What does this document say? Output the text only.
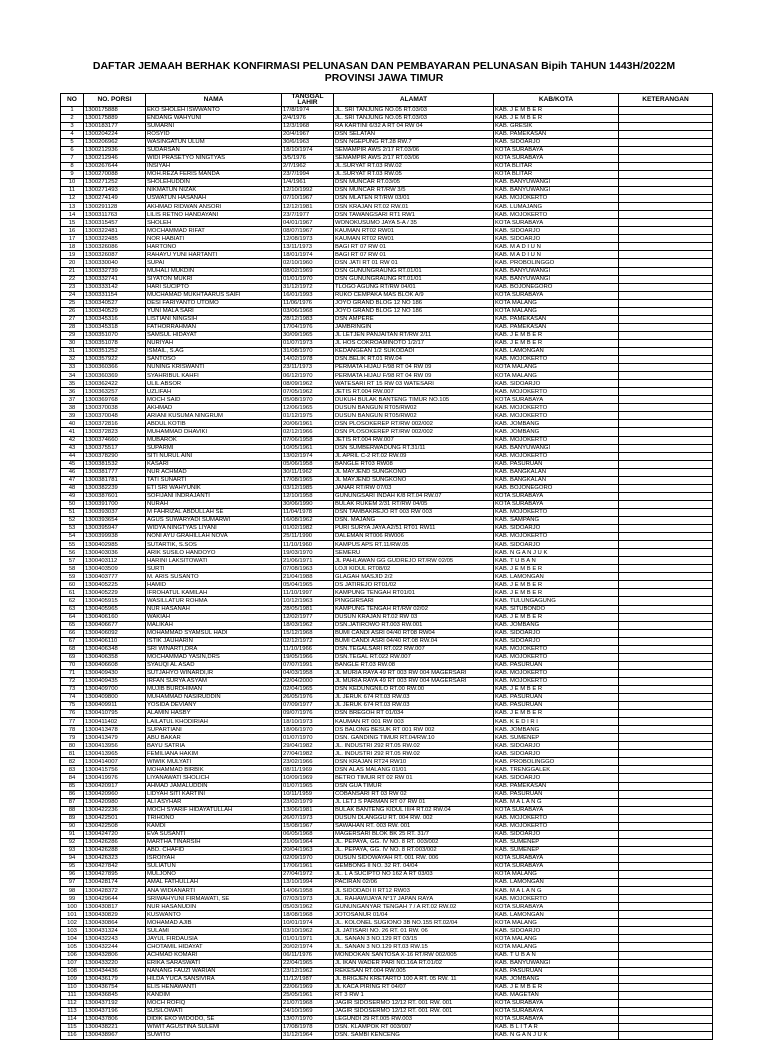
DAFTAR JEMAAH BERHAK KONFIRMASI PELUNASAN DAN PEMBAYARAN PELUNASAN Bipih TAHUN 1443H/2022M
PROVINSI JAWA TIMUR
NO	NO. PORSI	NAMA	TANGGAL LAHIR	ALAMAT	KAB/KOTA	KETERANGAN
1	1300175888	EKO SHOLEH ISWWANTO	17/8/1974	JL. SRI TANJUNG NO.05 RT.03/03	KAB. J E M B E R	
2	1300175889	ENDANG WAHYUNI	2/4/1976	JL. SRI TANJUNG NO.05 RT.03/03	KAB. J E M B E R	
3	1300183177	SUMARNI	12/3/1968	RA KARTINI 6/32 A RT 04 RW 04	KAB. GRESIK	
4	1300204224	ROSYID	20/4/1967	DSN SELATAN	KAB. PAMEKASAN	
5	1300206962	WASINGATUN ULUM	30/6/1963	DSN NGEPUNG RT.28 RW.7	KAB. SIDOARJO	
6	1300212936	SUDARSAN	18/10/1974	SEMAMPIR AWS 2/17 RT.03/06	KOTA SURABAYA	
7	1300212946	WIDI PRASETYO NINGTYAS	3/5/1976	SEMAMPIR AWS 2/17 RT.03/06	KOTA SURABAYA	
8	1300267644	INSIYAH	2/7/1962	JL.SURYAT RT.03 RW.02	KOTA BLITAR	
9	1300270088	MOH.REZA FERIS MANDA	23/7/1994	JL.SURYAT RT.03 RW.05	KOTA BLITAR	
10	1300271252	SHOLEHUDDIN	1/4/1961	DSN MUNCAR RT.03/05	KAB. BANYUWANGI	
11	1300271493	NIKMATUN NIZAK	12/10/1992	DSN MUNCAR RT/RW 3/5	KAB. BANYUWANGI	
12	1300274149	USWATUN HASANAH	07/10/1967	DSN MLATEN RT/RW 03/01	KAB. MOJOKERTO	
13	1300291128	AKHMAD RIDWAN ANSORI	12/12/1981	DSN KRAJAN RT.02 RW.01	KAB. LUMAJANG	
14	1300311763	LILIS RETNO HANDAYANI	23/7/1977	DSN TAWANGSARI RT1 RW1	KAB. MOJOKERTO	
15	1300315457	SHOLEH	04/01/1967	WONOKUSUMO JAYA 5-A / 35	KOTA SURABAYA	
16	1300322481	MOCHAMMAD RIFAT	08/07/1967	KAUMAN RT02 RW01	KAB. SIDOARJO	
17	1300322485	NOR HABIATI	12/08/1973	KAUMAN RT02 RW01	KAB. SIDOARJO	
18	1300326086	HARTONO	13/11/1973	BAGI RT 07 RW 01	KAB. M A D I U N	
19	1300326087	RAHAYU YUNI HARTANTI	18/01/1974	BAGI RT 07 RW 01	KAB. M A D I U N	
20	1300330040	SUPAI	02/10/1960	DSN JATI RT 01 RW 01	KAB. PROBOLINGGO	
21	1300332739	MUHALI MUKDIN	08/02/1969	DSN GUNUNGRAUNG RT.01/01	KAB. BANYUWANGI	
22	1300332741	SIYATON MUKRI	01/01/1970	DSN GUNUNGRAUNG RT.01/01	KAB. BANYUWANGI	
23	1300333142	HARI SUCIPTO	31/12/1972	TLOGO AGUNG RT/RW 04/01	KAB. BOJONEGORO	
24	1300331154	MUCHAMAD MUKHTAARUS SAIFI	16/01/1993	RUKO CEMPAKA MAS BLOK A/9	KOTA SURABAYA	
25	1300340527	DESI FARIYANTO UTOMO	11/06/1976	JOYO GRAND BLOG 12 NO 186	KOTA MALANG	
26	1300340529	YUNI MALA SARI	03/06/1968	JOYO GRAND BLOG 12 NO 186	KOTA MALANG	
27	1300345316	LISTIANI NINGSIH	28/12/1983	DSN AMPERE	KAB. PAMEKASAN	
28	1300345318	FATHORRAHMAN	17/04/1976	JAMBRINGIN	KAB. PAMEKASAN	
29	1300351070	SAMSUL HIDAYAT	30/09/1965	JL LETJEN PANJAITAN RT/RW 2/11	KAB. J E M B E R	
30	1300351078	NURIYAH	01/07/1973	JL HOS COKROAMINOTO 1/2/17	KAB. J E M B E R	
31	1300351252	ISMAIL, S.AG	31/08/1970	KEDANGEAN 1/2 SUKODADI	KAB. LAMONGAN	
32	1300357922	SANTOSO	14/02/1978	DSN.BELIK RT.01 RW.04	KAB. MOJOKERTO	
33	1300360366	NUNING KRISWANTI	23/11/1973	PERMATA HIJAU F/98 RT 04 RW 09	KOTA MALANG	
34	1300360369	SYAHRIBUL KAHFI	06/12/1970	PERMATA HIJAU F/98 RT 04 RW 09	KOTA MALANG	
35	1300362422	ULIL ABSOR	08/09/1962	WATESARI RT 15 RW 03 WATESARI	KAB. SIDOARJO	
36	1300363257	UZLIFAH	07/05/1962	JETIS RT.004 RW.007	KAB. MOJOKERTO	
37	1300369768	MOCH SAID	05/08/1970	DUKUH BULAK BANTENG TIMUR NO.105	KOTA SURABAYA	
38	1300370038	AKHMAD	12/06/1965	DUSUN BANGUN RT05/RW02	KAB. MOJOKERTO	
39	1300370048	ARIANI KUSUMA NINGRUM	01/12/1975	DUSUN BANGUN RT05/RW02	KAB. MOJOKERTO	
40	1300372816	ABDUL KOTIB	20/06/1961	DSN PLOSOKEREP RT/RW 002/002	KAB. JOMBANG	
41	1300372823	MUHAMMAD DHAVIKI	02/12/1966	DSN PLOSOKEREP RT/RW 002/002	KAB. JOMBANG	
42	1300374660	MUBAROK	07/06/1958	JETIS RT.004 RW.007	KAB. MOJOKERTO	
43	1300375517	SUPARMI	10/05/1961	DSN SUMBERWADUNG RT.31/11	KAB. BANYUWANGI	
44	1300378290	SITI NURUL AINI	13/02/1974	JL APRIL C-2 RT.02 RW.09	KAB. MOJOKERTO	
45	1300381532	KASARI	05/06/1958	BANGLE RT03 RW08	KAB. PASURUAN	
46	1300381777	NUR ACHMAD	30/11/1962	JL MAYJEND SUNGKONO	KAB. BANGKALAN	
47	1300381781	TATI SUNARTI	17/08/1965	JL MAYJEND SUNGKONO	KAB. BANGKALAN	
48	1300382239	ETI SRI WAHYUNIK	03/12/1985	JANAR RT/RW 07/03	KAB. BOJONEGORO	
49	1300387601	SOFIJANI INDRAJANTI	12/10/1958	GUNUNGSARI INDAH K/8 RT.04 RW.07	KOTA SURABAYA	
50	1300391700	NURAH	30/06/1990	BULAK RUKEM 2/31 RT/RW 04/05	KOTA SURABAYA	
51	1300393037	M FAHRIZAL ABDULLAH SE	11/04/1978	DSN TAMBAKREJO RT 003 RW 003	KAB. MOJOKERTO	
52	1300393654	AGUS SUWARYADI SUMARWI	16/08/1962	DSN. MAJANG	KAB. SAMPANG	
53	1300395947	WIDYA NINGTYAS LIYANI	01/02/1982	PURI SURYA JAYA A2/51 RT01 RW11	KAB. SIDOARJO	
54	1300399938	NONI AYU GRAHILLAH NOVA	25/11/1990	DALEMAN RT006 RW006	KAB. MOJOKERTO	
55	1300402985	SUTARTIK, S.SOS	11/10/1960	KAMPUS APS RT.11/RW.05	KAB. SIDOARJO	
56	1300403036	ARIK SUSILO HANDOYO	19/03/1970	SEMERU	KAB. N G A N J U K	
57	1300403112	HARINI LAKSITOWATI	21/06/1971	JL PAHLAWAN GG GUDREJO RT/RW 02/05	KAB. T U B A N	
58	1300403509	SURTI	07/08/1963	LOJI KIDUL RT08/02	KAB. J E M B E R	
59	1300403777	M. ARIS SUSANTO	21/04/1988	GLAGAH MASJID 2/2	KAB. LAMONGAN	
60	1300405225	HAMID	05/04/1965	DS JATIREJO RT01/02	KAB. J E M B E R	
61	1300405229	IFROHATUL KAMILAH	11/10/1997	KAMPUNG TENGAH RT01/01	KAB. J E M B E R	
62	1300405915	WASILLATUR ROHMA	10/12/1963	PINGGIRSARI	KAB. TULUNGAGUNG	
63	1300405965	NUR HASANAH	28/05/1981	KAMPUNG TENGAH RT/RW 02/02	KAB. SITUBONDO	
64	1300406160	WAKIAH	12/02/1977	DUSUN KRAJAN RT.02 RW 03	KAB. J E M B E R	
65	1300406677	MALIKAH	18/03/1962	DSN.JATIROWO RT.003 RW.001	KAB. JOMBANG	
66	1300406092	MOHAMMAD SYAMSUL HADI	15/12/1968	BUMI CANDI ASRI 04/40 RT08 RW04	KAB. SIDOARJO	
67	1300406110	ISTIK JAUHARIN	02/12/1972	BUMI CANDI ASRI 04/40 RT.08 RW.04	KAB. SIDOARJO	
68	1300406348	SRI WINARTI,DRA	11/10/1966	DSN.TEGALSARI RT.022 RW.007	KAB. MOJOKERTO	
69	1300406358	MOCHAMMAD YASIN,DRS	19/05/1966	DSN.TEGAL RT.022 RW.007	KAB. MOJOKERTO	
70	1300406608	SYAUQI AL ASAD	07/07/1991	BANGLE RT.03 RW.08	KAB. PASURUAN	
71	1300409430	SUTJAHYO WINARDI,IR	04/03/1958	JL MURIA RAYA 49 RT 003 RW 004 MAGERSARI	KAB. MOJOKERTO	
72	1300409435	IRFAN SURYA ASYAM	22/04/2000	JL MURIA RAYA 49 RT 003 RW 004 MAGERSARI	KAB. MOJOKERTO	
73	1300409700	MUJIB BURDHIMAN	02/04/1965	DSN KEDUNGNILO RT.00 RW.00	KAB. J E M B E R	
74	1300409800	MUHAMMAD NASIRUDDIN	26/05/1976	JL JERUK 674 RT.03 RW.03	KAB. PASURUAN	
75	1300409911	YOSIDA DEVIANY	07/09/1977	JL JERUK 674 RT.03 RW.03	KAB. PASURUAN	
76	1300410795	ALAMIN HASBY	09/07/1976	DSN BREGOH RT 01/034	KAB. J E M B E R	
77	1300411402	LAILATUL KHODIRIAH	18/10/1973	KAUMAN RT 001 RW 003	KAB. K E D I R I	
78	1300413478	SUPARTIANI	18/06/1970	DS BALONG BESUK RT 001 RW 002	KAB. JOMBANG	
79	1300413479	ABU BAKAR	01/07/1970	DSN. GANDING TIMUR RT.04/RW.10	KAB. SUMENEP	
80	1300413956	BAYU SATRIA	29/04/1982	JL. INDUSTRI 292 RT.05 RW.02	KAB. SIDOARJO	
81	1300413965	FEMILIANA HAKIM	27/04/1982	JL. INDUSTRI 292 RT.05 RW.02	KAB. SIDOARJO	
82	1300414007	WIWIK MULYATI	23/02/1966	DSN KRAJAN RT24 RW10	KAB. PROBOLINGGO	
83	1300415756	MOHAMMAD BIRBIK	08/11/1969	DSN ALAS MALANG 01/01	KAB. TRENGGALEK	
84	1300419976	LIYANAWATI SHOLICH	10/09/1969	BETRO TIMUR RT 02 RW 01	KAB. SIDOARJO	
85	1300420917	AHMAD JAMALUDDIN	01/07/1965	DSN GUA TIMUR	KAB. PAMEKASAN	
86	1300420960	LIDYAH SITI KARTINI	10/11/1959	COBANSARI RT 03 RW 02	KAB. PASURUAN	
87	1300420980	ALI ASYHAR	23/02/1979	JL LETJ S PARMAN RT 07 RW 01	KAB. M A L A N G	
88	1300422236	MOCH SYARIF HIDAYATULLAH	13/06/1981	BULAK BANTENG KIDUL III/4 RT.02 RW.04	KOTA SURABAYA	
89	1300422501	TRIHONO	26/07/1973	DUSUN DLANGGU RT. 004 RW. 002	KAB. MOJOKERTO	
90	1300422508	KAMDI	15/08/1967	SAWAHAN RT. 003 RW. 001	KAB. MOJOKERTO	
91	1300424720	EVA SUSANTI	06/05/1968	MAGERSARI BLOK BK 25 RT. 31/7	KAB. SIDOARJO	
92	1300426286	MARTHA TINARSIH	21/09/1964	JL. PEPAYA, GG. IV NO. 8 RT. 003/002	KAB. SUMENEP	
93	1300426288	ABD. CHAFID	20/04/1963	JL. PEPAYA, GG. IV NO. 8 RT.003/002	KAB. SUMENEP	
94	1300426323	ISROIYAH	02/09/1970	DUSUN SIDOWAYAH RT. 001 RW. 006	KOTA SURABAYA	
95	1300427842	SULIATUN	17/06/1961	GEMBONG II NO. 32 RT. 04/04	KOTA SURABAYA	
96	1300427895	MULJONO	27/04/1972	JL. L A SUCIPTO NO 162 A RT 03/03	KOTA MALANG	
97	1300428174	AMAL FATHULLAH	13/10/1994	PACIRAN 02/06	KAB. LAMONGAN	
98	1300428372	ANA WIDIANARTI	14/06/1958	JL SIDODADI II RT12 RW03	KAB. M A L A N G	
99	1300429644	SRIWAHYUNI FIRMAWATI, SE	07/03/1973	JL. RAHAWIJAYA N°17 JAPAN RAYA	KAB. MOJOKERTO	
100	1300430817	NUR HASANUDIN	05/03/1962	GUNUNGANYAR TENGAH 7 / A RT.02 RW.02	KOTA SURABAYA	
101	1300430829	KUSWANTO	18/08/1968	JOTOSANUR 01/04	KAB. LAMONGAN	
102	1300430864	MOHAMAD AJIB	10/01/1974	JL. KOLONEL SUGIONO 3B NO.155 RT.02/04	KOTA MALANG	
103	1300431324	SULAMI	03/10/1962	JL JATISARI NO. 26 RT. 01 RW. 06	KAB. SIDOARJO	
104	1300432243	JAYUL FIRDAUSIA	01/01/1971	JL. SANAN 3 NO.129 RT 03/15	KOTA MALANG	
105	1300432244	CHOTAMIL HIDAYAT	20/02/1974	JL. SANAN 3 NO.129 RT.03 RW.15	KOTA MALANG	
106	1300432806	ACHMAD KOMARI	06/11/1976	MONDOKAN SANTOSA X-16 RT/RW 002/005	KAB. T U B A N	
107	1300433220	ERIKA SARASWATI	22/04/1965	JL IKAN WADER PARI NO.16A RT.01/02	KAB. BANYUWANGI	
108	1300434436	NANANG FAUZI WARIAN	23/12/1962	REKESAN RT.004 RW.005	KAB. PASURUAN	
109	1300436179	HILDA YUCA SANSIVIRA	11/12/1987	JL BRIGJEN KRETARTO 100 A RT. 05 RW. 11	KAB. JOMBANG	
110	1300436754	ELIS HENAWANTI	22/06/1969	JL KACA PIRING RT 04/07	KAB. J E M B E R	
111	1300436845	KANDIM	25/05/1961	RT 3 RW 1	KAB. MAGETAN	
112	1300437192	MOCH ROFIQ	21/07/1968	JAGIR SIDOSERMO 12/12 RT. 001 RW. 001	KOTA SURABAYA	
113	1300437196	SUSILOWATI	24/10/1969	JAGIR SIDOSERMO 12/12 RT. 001 RW. 001	KOTA SURABAYA	
114	1300437806	DIDIK EKO WIDODO, SE	13/07/1970	LEGUNDI 29 RT.005 RW.003	KOTA SURABAYA	
115	1300438221	WIWIT AGUSTINA SULEMI	17/08/1978	DSN. KLAMPOK RT 003/007	KAB. B L I T A R	
116	1300438967	SUWITO	31/12/1964	DSN. SAMBI KENCENG	KAB. N G A N J U K	
